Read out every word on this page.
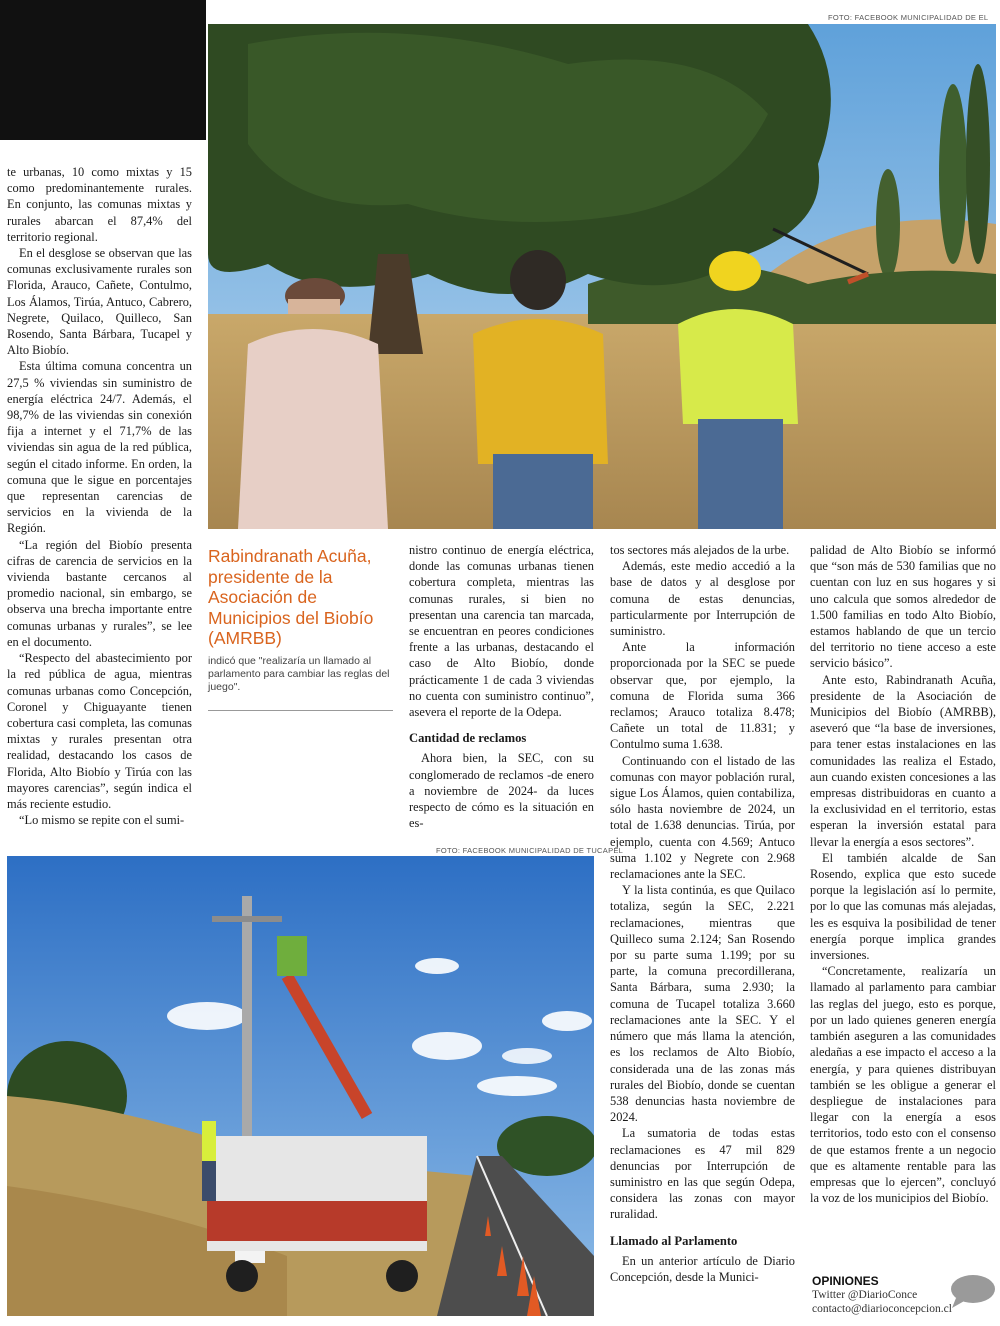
FOTO: FACEBOOK MUNICIPALIDAD DE EL

te urbanas, 10 como mixtas y 15 como predominantemente rurales. En conjunto, las comunas mixtas y rurales abarcan el 87,4% del territorio regional.

En el desglose se observan que las comunas exclusivamente rurales son Florida, Arauco, Cañete, Contulmo, Los Álamos, Tirúa, Antuco, Cabrero, Negrete, Quilaco, Quilleco, San Rosendo, Santa Bárbara, Tucapel y Alto Biobío.

Esta última comuna concentra un 27,5 % viviendas sin suministro de energía eléctrica 24/7. Además, el 98,7% de las viviendas sin conexión fija a internet y el 71,7% de las viviendas sin agua de la red pública, según el citado informe. En orden, la comuna que le sigue en porcentajes que representan carencias de servicios en la vivienda de la Región.

“La región del Biobío presenta cifras de carencia de servicios en la vivienda bastante cercanos al promedio nacional, sin embargo, se observa una brecha importante entre comunas urbanas y rurales”, se lee en el documento.

“Respecto del abastecimiento por la red pública de agua, mientras comunas urbanas como Concepción, Coronel y Chiguayante tienen cobertura casi completa, las comunas mixtas y rurales presentan otra realidad, destacando los casos de Florida, Alto Biobío y Tirúa con las mayores carencias”, según indica el más reciente estudio.

“Lo mismo se repite con el sumi-

Rabindranath Acuña, presidente de la Asociación de Municipios del Biobío (AMRBB)

indicó que "realizaría un llamado al parlamento para cambiar las reglas del juego".

nistro continuo de energía eléctrica, donde las comunas urbanas tienen cobertura completa, mientras las comunas rurales, si bien no presentan una carencia tan marcada, se encuentran en peores condiciones frente a las urbanas, destacando el caso de Alto Biobío, donde prácticamente 1 de cada 3 viviendas no cuenta con suministro continuo”, asevera el reporte de la Odepa.

Cantidad de reclamos

Ahora bien, la SEC, con su conglomerado de reclamos -de enero a noviembre de 2024- da luces respecto de cómo es la situación en es-

tos sectores más alejados de la urbe.

Además, este medio accedió a la base de datos y al desglose por comuna de estas denuncias, particularmente por Interrupción de suministro.

Ante la información proporcionada por la SEC se puede observar que, por ejemplo, la comuna de Florida suma 366 reclamos; Arauco totaliza 8.478; Cañete un total de 11.831; y Contulmo suma 1.638.

Continuando con el listado de las comunas con mayor población rural, sigue Los Álamos, quien contabiliza, sólo hasta noviembre de 2024, un total de 1.638 denuncias. Tirúa, por ejemplo, cuenta con 4.569; Antuco suma 1.102 y Negrete con 2.968 reclamaciones ante la SEC.

Y la lista continúa, es que Quilaco totaliza, según la SEC, 2.221 reclamaciones, mientras que Quilleco suma 2.124; San Rosendo por su parte suma 1.199; por su parte, la comuna precordillerana, Santa Bárbara, suma 2.930; la comuna de Tucapel totaliza 3.660 reclamaciones ante la SEC. Y el número que más llama la atención, es los reclamos de Alto Biobío, considerada una de las zonas más rurales del Biobío, donde se cuentan 538 denuncias hasta noviembre de 2024.

La sumatoria de todas estas reclamaciones es 47 mil 829 denuncias por Interrupción de suministro en las que según Odepa, considera las zonas con mayor ruralidad.

Llamado al Parlamento

En un anterior artículo de Diario Concepción, desde la Munici-

palidad de Alto Biobío se informó que “son más de 530 familias que no cuentan con luz en sus hogares y si uno calcula que somos alrededor de 1.500 familias en todo Alto Biobío, estamos hablando de que un tercio del territorio no tiene acceso a este servicio básico”.

Ante esto, Rabindranath Acuña, presidente de la Asociación de Municipios del Biobío (AMRBB), aseveró que “la base de inversiones, para tener estas instalaciones en las comunidades las realiza el Estado, aun cuando existen concesiones a las empresas distribuidoras en cuanto a la exclusividad en el territorio, estas esperan la inversión estatal para llevar la energía a esos sectores”.

El también alcalde de San Rosendo, explica que esto sucede porque la legislación así lo permite, por lo que las comunas más alejadas, les es esquiva la posibilidad de tener energía porque implica grandes inversiones.

“Concretamente, realizaría un llamado al parlamento para cambiar las reglas del juego, esto es porque, por un lado quienes generen energía también aseguren a las comunidades aledañas a ese impacto el acceso a la energía, y para quienes distribuyan también se les obligue a generar el despliegue de instalaciones para llegar con la energía a esos territorios, todo esto con el consenso de que estamos frente a un negocio que es altamente rentable para las empresas que lo ejercen”, concluyó la voz de los municipios del Biobío.

FOTO: FACEBOOK MUNICIPALIDAD DE TUCAPEL
OPINIONES
Twitter @DiarioConce
contacto@diarioconcepcion.cl
